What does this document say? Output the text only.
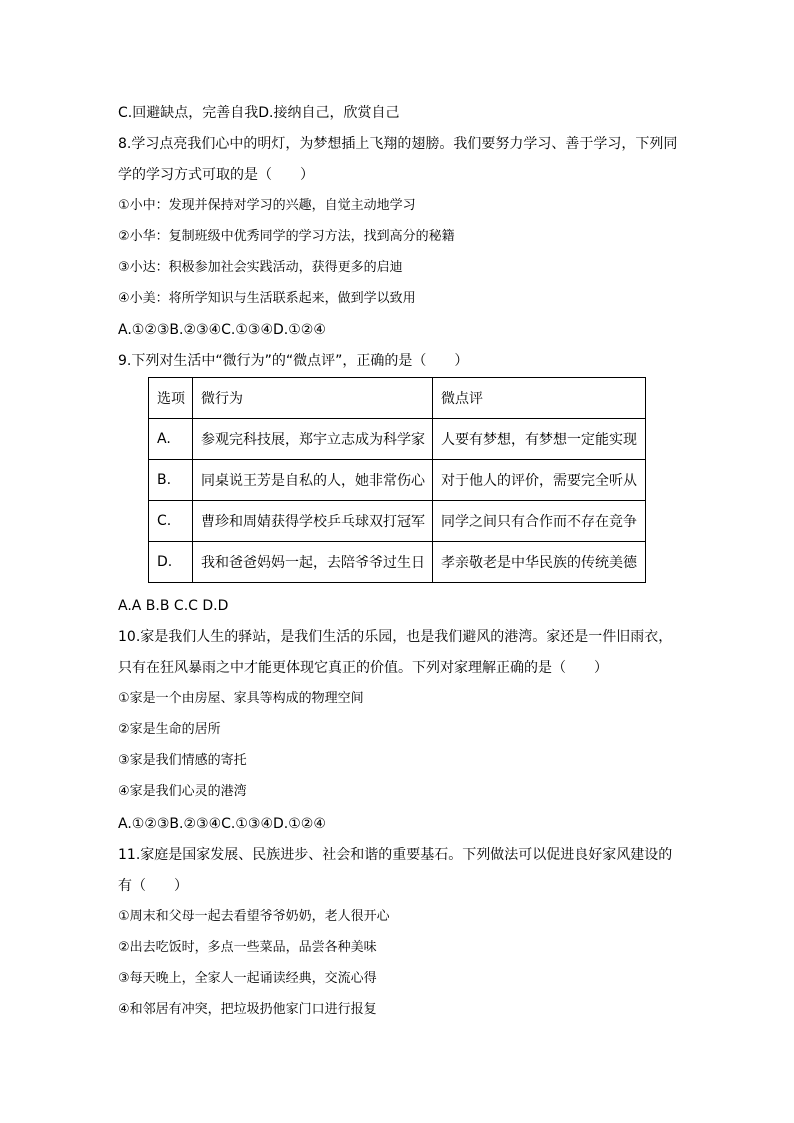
C.回避缺点，完善自我D.接纳自己，欣赏自己
8.学习点亮我们心中的明灯，为梦想插上飞翔的翅膀。我们要努力学习、善于学习，下列同
学的学习方式可取的是（　　）
①小中：发现并保持对学习的兴趣，自觉主动地学习
②小华：复制班级中优秀同学的学习方法，找到高分的秘籍
③小达：积极参加社会实践活动，获得更多的启迪
④小美：将所学知识与生活联系起来，做到学以致用
A.①②③B.②③④C.①③④D.①②④
9.下列对生活中“微行为”的“微点评”，正确的是（　　）
选项	微行为	微点评
A.	参观完科技展，郑宇立志成为科学家	人要有梦想，有梦想一定能实现
B.	同桌说王芳是自私的人，她非常伤心	对于他人的评价，需要完全听从
C.	曹珍和周婧获得学校乒乓球双打冠军	同学之间只有合作而不存在竞争
D.	我和爸爸妈妈一起，去陪爷爷过生日	孝亲敬老是中华民族的传统美德
A.A B.B C.C D.D
10.家是我们人生的驿站，是我们生活的乐园，也是我们避风的港湾。家还是一件旧雨衣，
只有在狂风暴雨之中才能更体现它真正的价值。下列对家理解正确的是（　　）
①家是一个由房屋、家具等构成的物理空间
②家是生命的居所
③家是我们情感的寄托
④家是我们心灵的港湾
A.①②③B.②③④C.①③④D.①②④
11.家庭是国家发展、民族进步、社会和谐的重要基石。下列做法可以促进良好家风建设的
有（　　）
①周末和父母一起去看望爷爷奶奶，老人很开心
②出去吃饭时，多点一些菜品，品尝各种美味
③每天晚上，全家人一起诵读经典，交流心得
④和邻居有冲突，把垃圾扔他家门口进行报复
